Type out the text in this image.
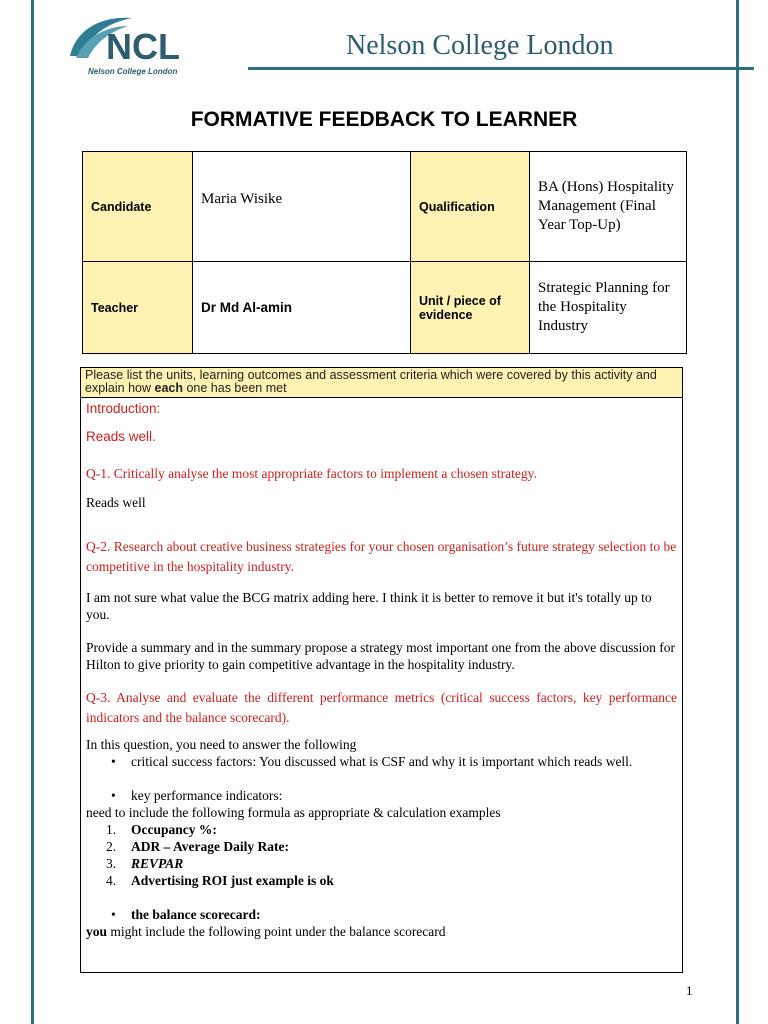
NCL
Nelson College London
Nelson College London
FORMATIVE FEEDBACK TO LEARNER
Candidate	Maria Wisike	Qualification	BA (Hons) Hospitality Management (Final Year Top-Up)
Teacher	Dr Md Al-amin	Unit / piece of evidence	Strategic Planning for the Hospitality Industry
Please list the units, learning outcomes and assessment criteria which were covered by this activity and explain how each one has been met

Introduction:

Reads well.

Q-1. Critically analyse the most appropriate factors to implement a chosen strategy.

Reads well

Q-2. Research about creative business strategies for your chosen organisation’s future strategy selection to be competitive in the hospitality industry.

I am not sure what value the BCG matrix adding here. I think it is better to remove it but it's totally up to you.

Provide a summary and in the summary propose a strategy most important one from the above discussion for Hilton to give priority to gain competitive advantage in the hospitality industry.

Q-3. Analyse and evaluate the different performance metrics (critical success factors, key performance indicators and the balance scorecard).

In this question, you need to answer the following

• critical success factors: You discussed what is CSF and why it is important which reads well.
• key performance indicators:

need to include the following formula as appropriate & calculation examples

1. Occupancy %:
2. ADR – Average Daily Rate:
3. REVPAR
4. Advertising ROI just example is ok
• the balance scorecard:

you might include the following point under the balance scorecard

1
